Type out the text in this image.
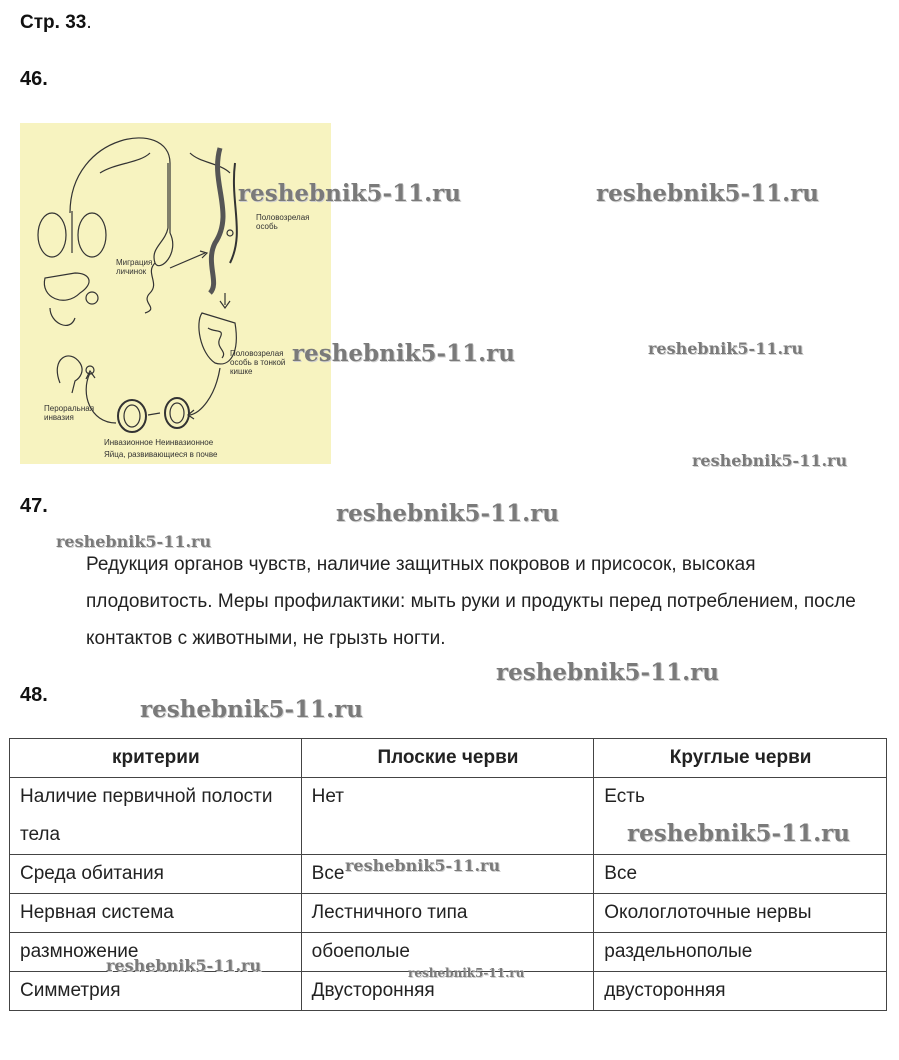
Стр. 33.
46.
Половозрелая
особь
Миграция
личинок
Половозрелая
особь в тонкой
кишке
Пероральная
инвазия
Инвазионное Неинвазионное
Яйца, развивающиеся в почве
47.
Редукция органов чувств, наличие защитных покровов и присосок, высокая плодовитость. Меры профилактики: мыть руки и продукты перед потреблением, после контактов с животными, не грызть ногти.
48.
критерии	Плоские черви	Круглые черви
Наличие первичной полости тела	Нет	Есть
Среда обитания	Все	Все
Нервная система	Лестничного типа	Окологлоточные нервы
размножение	обоеполые	раздельнополые
Симметрия	Двусторонняя	двусторонняя
reshebnik5-11.ru	reshebnik5-11.ru
reshebnik5-11.ru	reshebnik5-11.ru
reshebnik5-11.ru
reshebnik5-11.ru
reshebnik5-11.ru
reshebnik5-11.ru
reshebnik5-11.ru
reshebnik5-11.ru
reshebnik5-11.ru
reshebnik5-11.ru	reshebnik5-11.ru
